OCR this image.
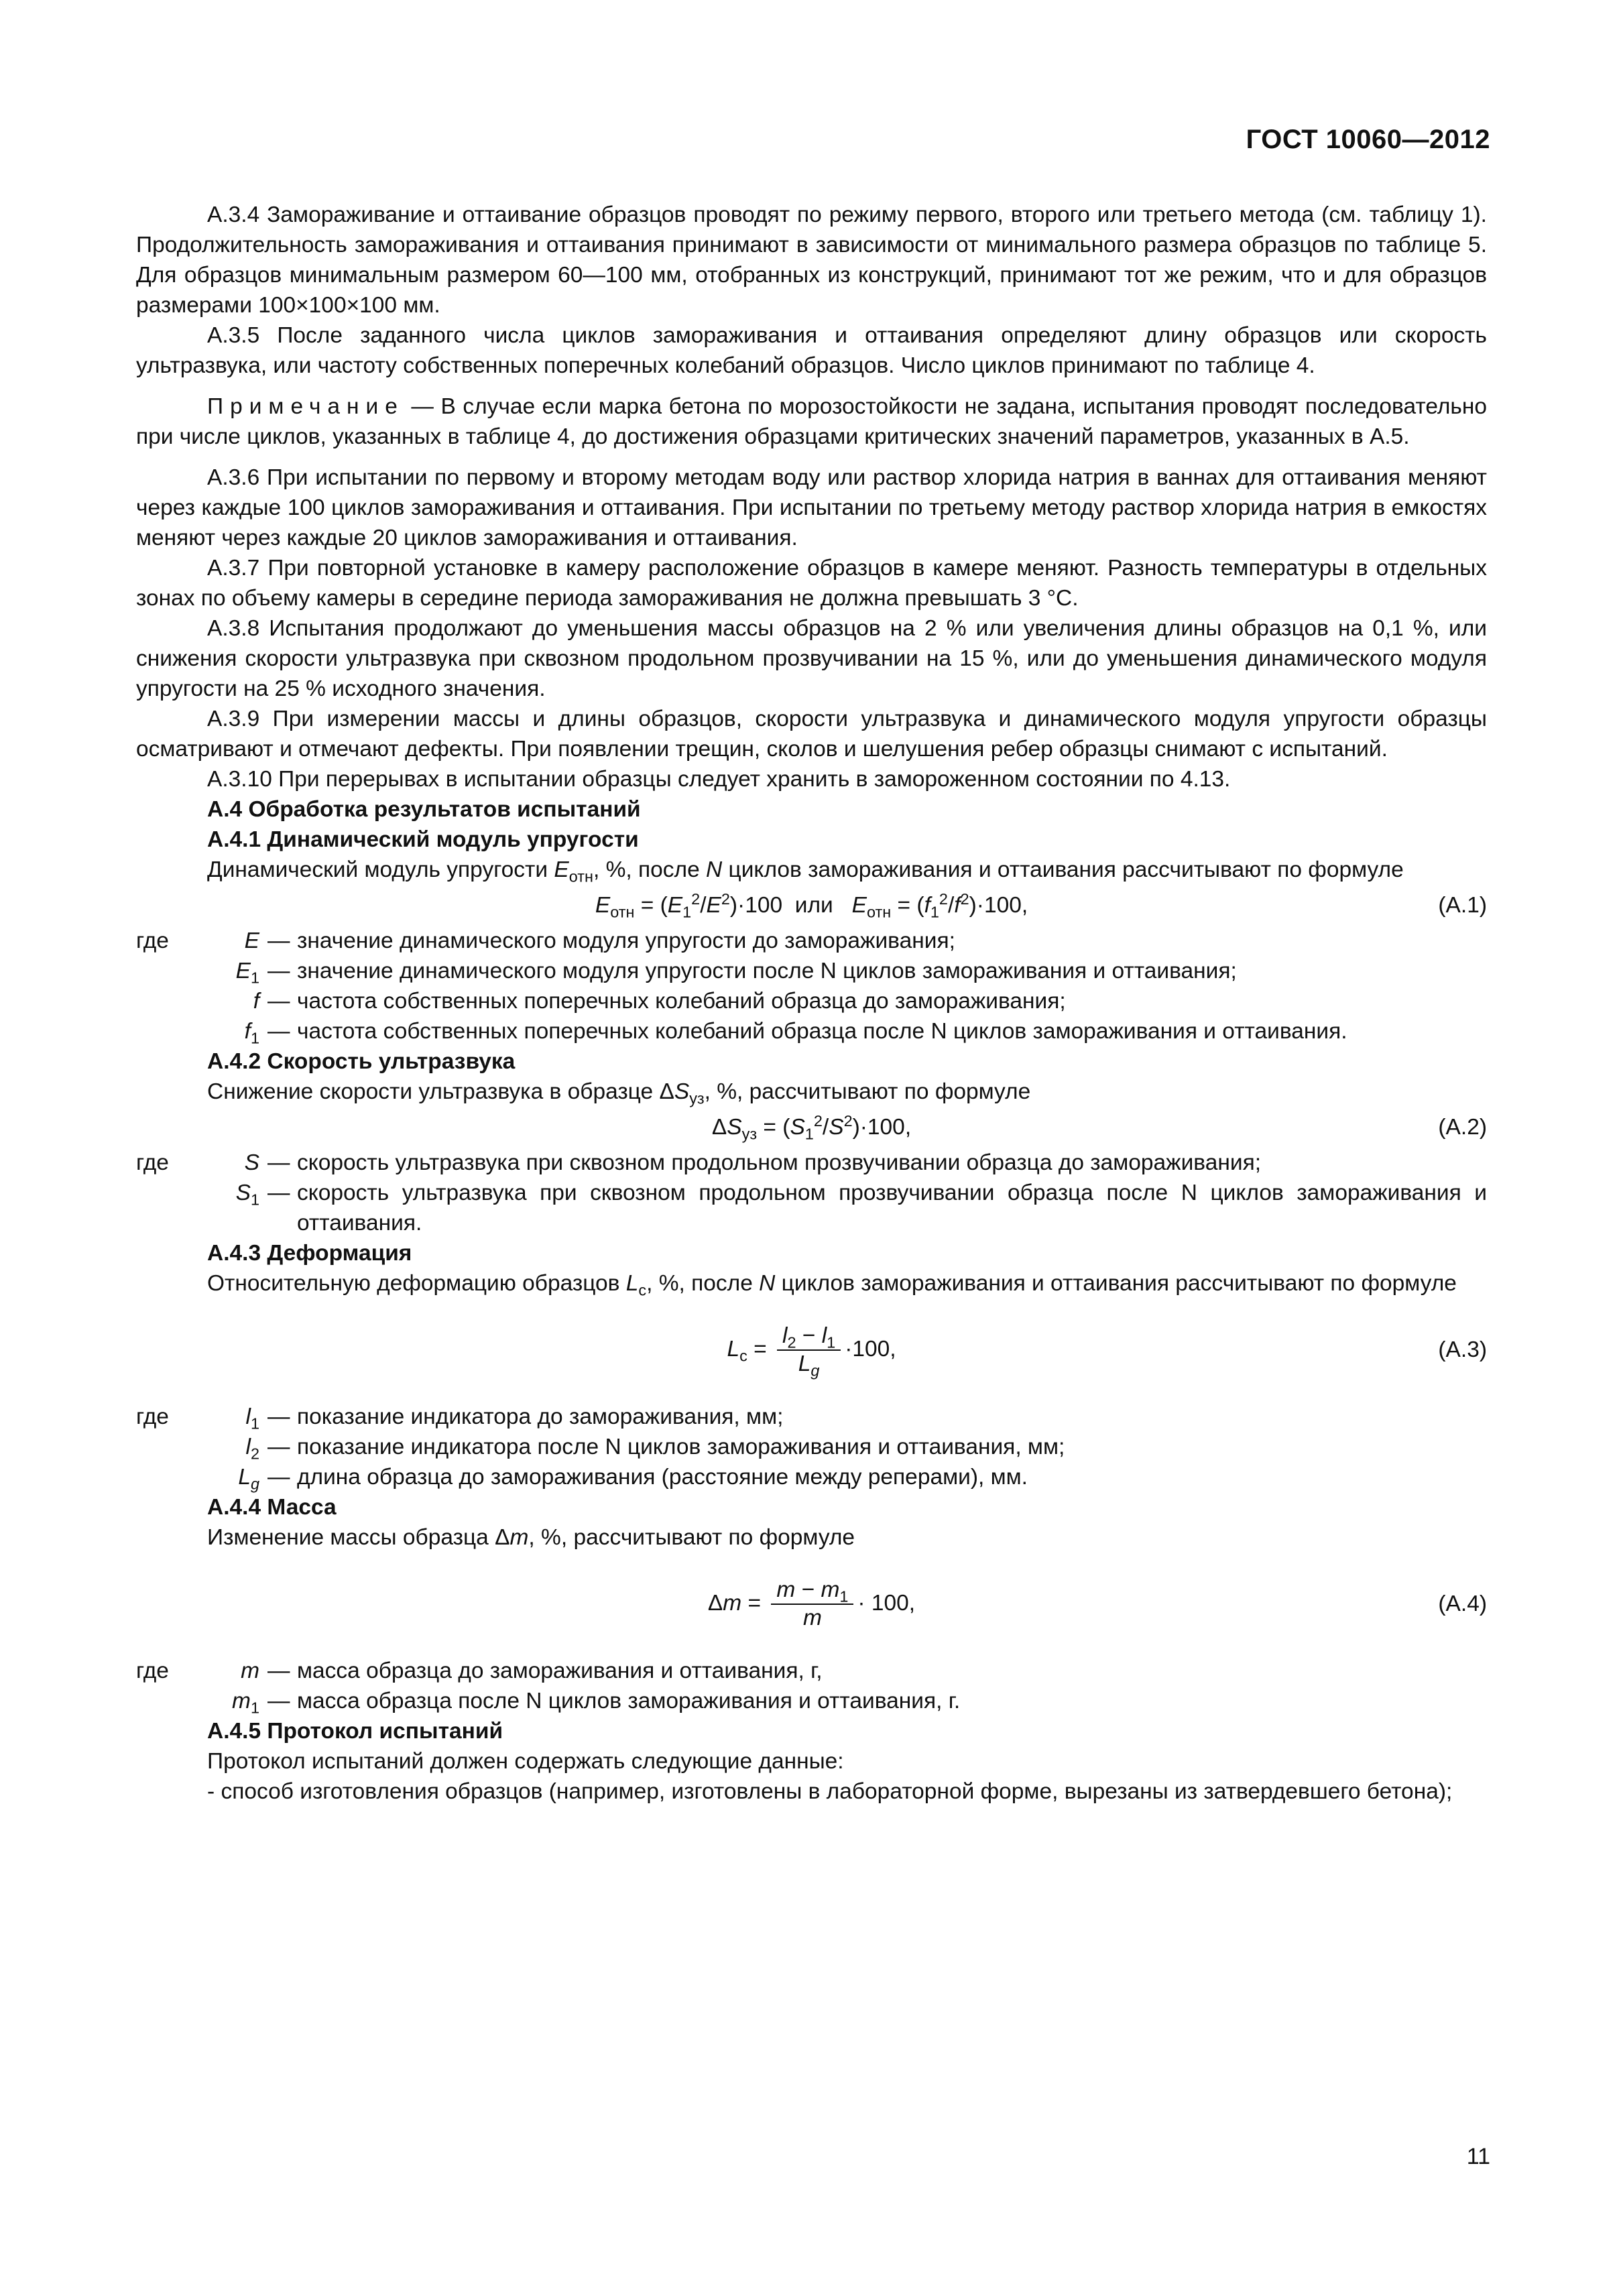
ГОСТ 10060—2012

А.3.4 Замораживание и оттаивание образцов проводят по режиму первого, второго или третьего метода (см. таблицу 1). Продолжительность замораживания и оттаивания принимают в зависимости от минимального размера образцов по таблице 5. Для образцов минимальным размером 60—100 мм, отобранных из конструкций, принимают тот же режим, что и для образцов размерами 100×100×100 мм.

А.3.5 После заданного числа циклов замораживания и оттаивания определяют длину образцов или скорость ультразвука, или частоту собственных поперечных колебаний образцов. Число циклов принимают по таблице 4.

Примечание — В случае если марка бетона по морозостойкости не задана, испытания проводят последовательно при числе циклов, указанных в таблице 4, до достижения образцами критических значений параметров, указанных в А.5.

А.3.6 При испытании по первому и второму методам воду или раствор хлорида натрия в ваннах для оттаивания меняют через каждые 100 циклов замораживания и оттаивания. При испытании по третьему методу раствор хлорида натрия в емкостях меняют через каждые 20 циклов замораживания и оттаивания.

А.3.7 При повторной установке в камеру расположение образцов в камере меняют. Разность температуры в отдельных зонах по объему камеры в середине периода замораживания не должна превышать 3 °С.

А.3.8 Испытания продолжают до уменьшения массы образцов на 2 % или увеличения длины образцов на 0,1 %, или снижения скорости ультразвука при сквозном продольном прозвучивании на 15 %, или до уменьшения динамического модуля упругости на 25 % исходного значения.

А.3.9 При измерении массы и длины образцов, скорости ультразвука и динамического модуля упругости образцы осматривают и отмечают дефекты. При появлении трещин, сколов и шелушения ребер образцы снимают с испытаний.

А.3.10 При перерывах в испытании образцы следует хранить в замороженном состоянии по 4.13.

А.4 Обработка результатов испытаний
А.4.1 Динамический модуль упругости

Динамический модуль упругости $E_{отн}$, %, после N циклов замораживания и оттаивания рассчитывают по формуле

$E_{отн} = (E_1^2/E^2)\cdot 100$  или $E_{отн} = (f_1^2/f^2)\cdot 100$,	(А.1)
где	E — значение динамического модуля упругости до замораживания;
$E_1$ — значение динамического модуля упругости после N циклов замораживания и оттаивания;
f — частота собственных поперечных колебаний образца до замораживания;
$f_1$ — частота собственных поперечных колебаний образца после N циклов замораживания и оттаивания.
А.4.2 Скорость ультразвука

Снижение скорости ультразвука в образце $\Delta S_{уз}$, %, рассчитывают по формуле

$\Delta S_{уз} = (S_1^2/S^2)\cdot 100$,	(А.2)
где	S — скорость ультразвука при сквозном продольном прозвучивании образца до замораживания;
$S_1$ — скорость ультразвука при сквозном продольном прозвучивании образца после N циклов замораживания и оттаивания.
А.4.3 Деформация

Относительную деформацию образцов $L_с$, %, после N циклов замораживания и оттаивания рассчитывают по формуле

$L_с = \frac{l_2 - l_1}{L_g} \cdot 100$,	(А.3)
где	$l_1$ — показание индикатора до замораживания, мм;
$l_2$ — показание индикатора после N циклов замораживания и оттаивания, мм;
$L_g$ — длина образца до замораживания (расстояние между реперами), мм.
А.4.4 Масса

Изменение массы образца Δm, %, рассчитывают по формуле

$\Delta m = \frac{m - m_1}{m} \cdot 100$,	(А.4)
где	m — масса образца до замораживания и оттаивания, г,
$m_1$ — масса образца после N циклов замораживания и оттаивания, г.
А.4.5 Протокол испытаний

Протокол испытаний должен содержать следующие данные:

- способ изготовления образцов (например, изготовлены в лабораторной форме, вырезаны из затвердевшего бетона);

11
